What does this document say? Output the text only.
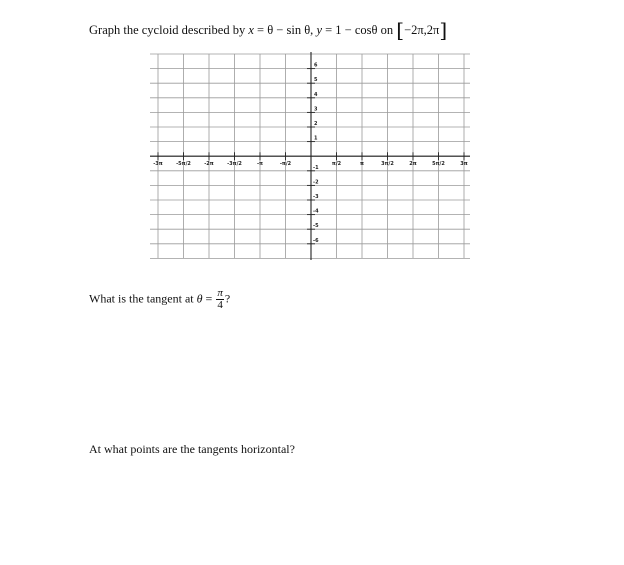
Graph the cycloid described by x = θ − sin θ, y = 1 − cosθ on [−2π,2π]
-3π	-5π/2	-2π	-3π/2	-π	-π/2	π/2	π	3π/2	2π	5π/2	3π
6
5
4
3
2
1
-1
-2
-3
-4
-5
-6
What is the tangent at $\theta = \frac{\pi}{4}$ ?
At what points are the tangents horizontal?
